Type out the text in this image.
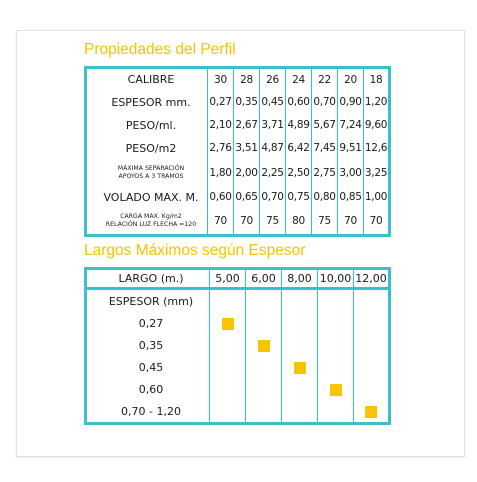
Propiedades del Perfil
CALIBRE	30	28	26	24	22	20	18

ESPESOR mm.	0,27	0,35	0,45	0,60	0,70	0,90	1,20

PESO/ml.	2,10	2,67	3,71	4,89	5,67	7,24	9,60

PESO/m2	2,76	3,51	4,87	6,42	7,45	9,51	12,6

MÁXIMA SEPARACIÓN
APOYOS A 3 TRAMOS	1,80	2,00	2,25	2,50	2,75	3,00	3,25

VOLADO MAX. M.	0,60	0,65	0,70	0,75	0,80	0,85	1,00

CARGA MAX. Kg/m2
RELACIÓN LUZ FLECHA =120	70	70	75	80	75	70	70
Largos Máximos según Espesor
LARGO (m.)	5,00	6,00	8,00	10,00	12,00
ESPESOR (mm)					
0,27					
0,35					
0,45					
0,60					
0,70 - 1,20					
